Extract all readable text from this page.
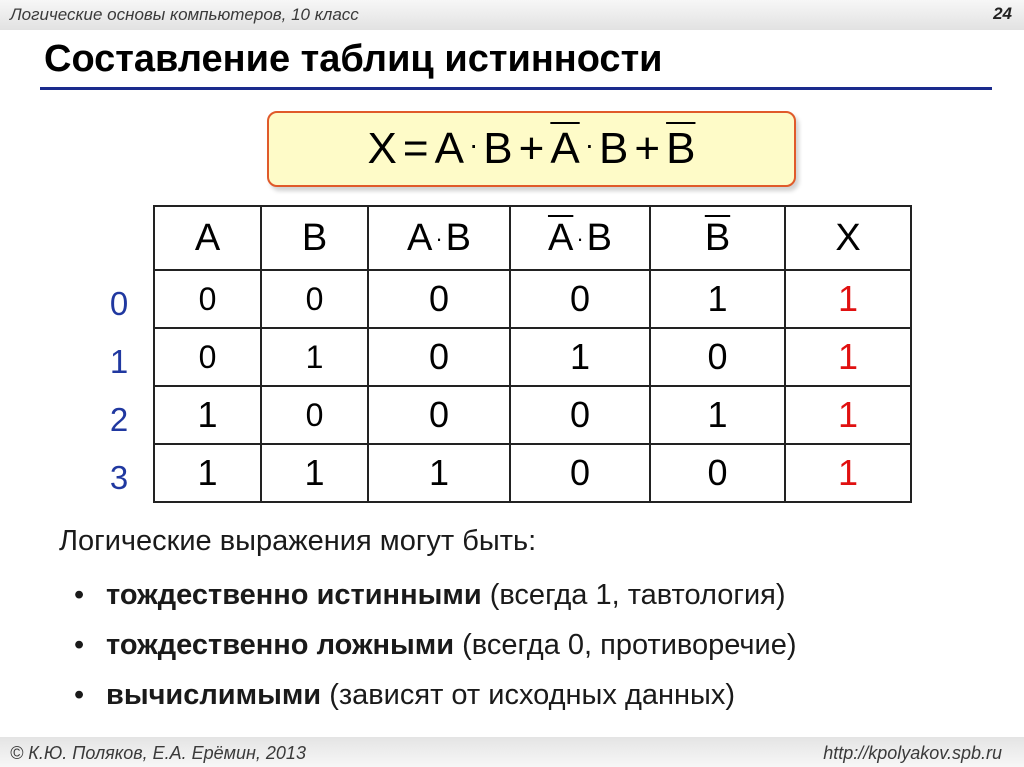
Логические основы компьютеров, 10 класс	24
Составление таблиц истинности
$X = A \cdot B + \overline{A} \cdot B + \overline{B}$
0
1
2
3
A	B	A ·B	$\overline{A} \cdot B$	$\overline{B}$	X
0	0	0	0	1	1
0	1	0	1	0	1
1	0	0	0	1	1
1	1	1	0	0	1
Логические выражения могут быть:
• тождественно истинными (всегда 1, тавтология)
• тождественно ложными (всегда 0, противоречие)
• вычислимыми (зависят от исходных данных)
© К.Ю. Поляков, Е.А. Ерёмин, 2013	http://kpolyakov.spb.ru
